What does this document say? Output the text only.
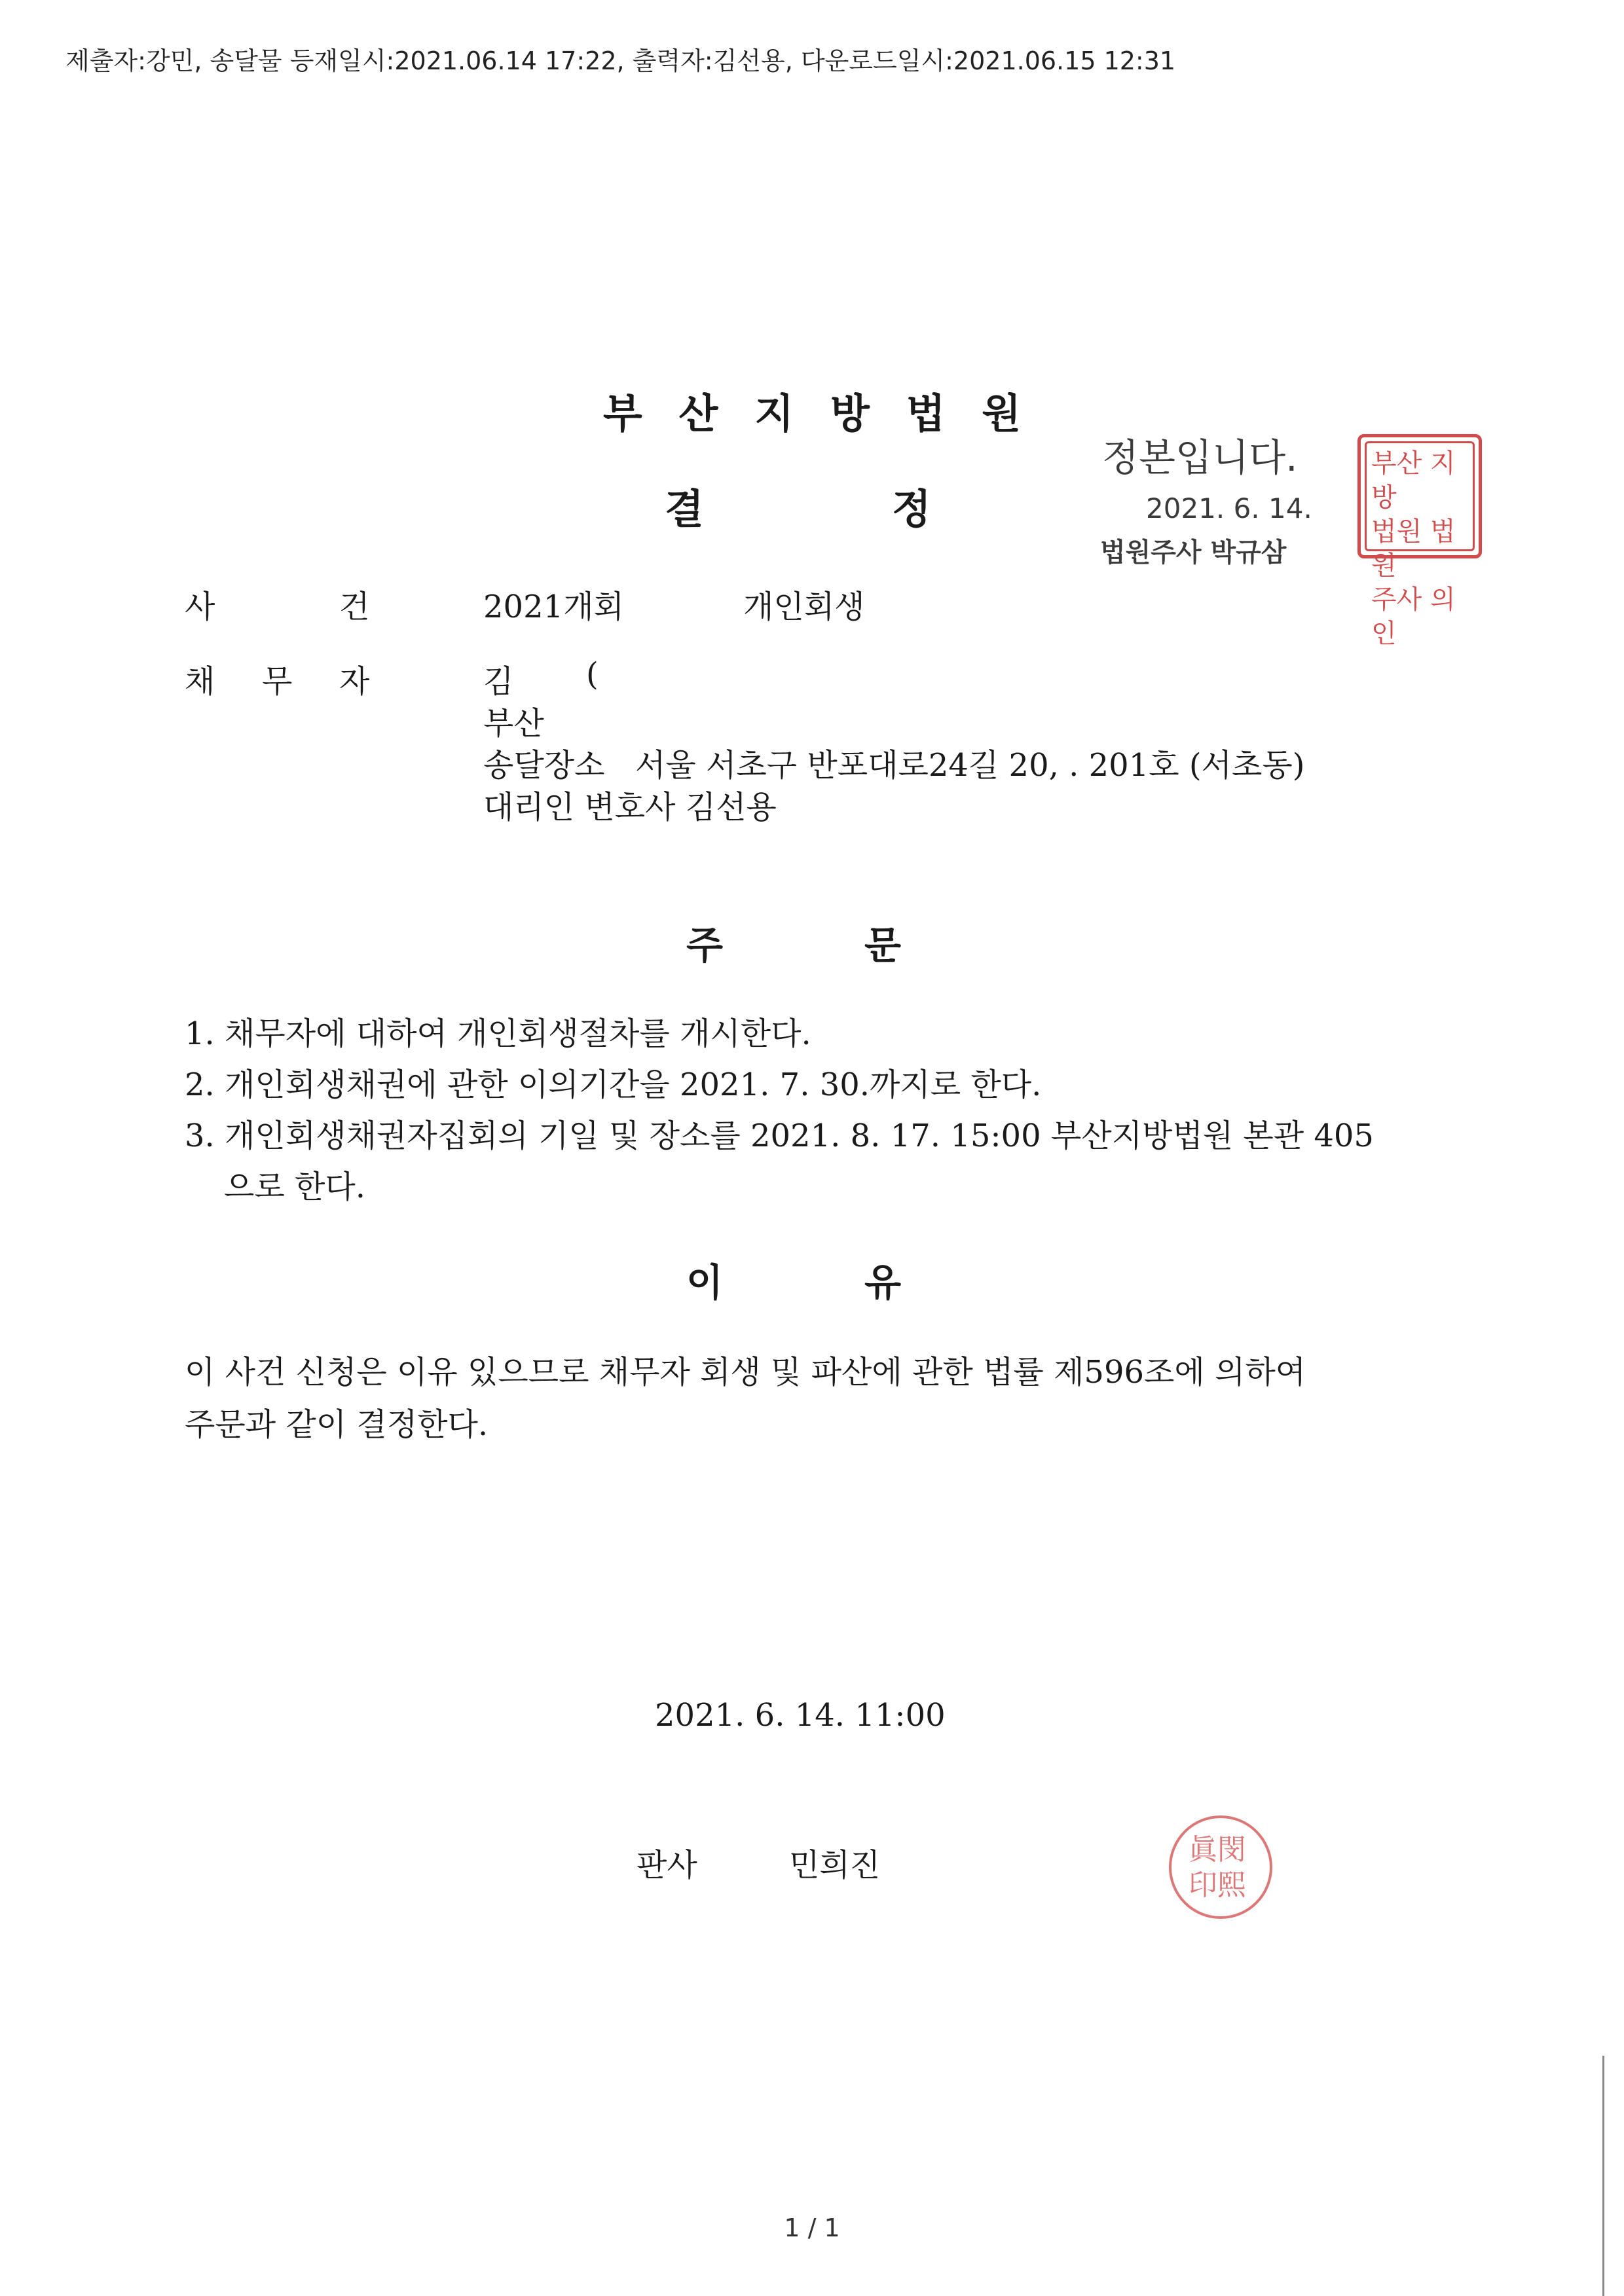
제출자:강민, 송달물 등재일시:2021.06.14 17:22, 출력자:김선용, 다운로드일시:2021.06.15 12:31
부산지방법원
결	정
정본입니다.
2021. 6. 14.
법원주사 박규삼
부산 지방
법원 법원
주사 의인
사	건	2021개회	개인회생
채 무 자	김 (
부산
송달장소 서울 서초구 반포대로24길 20, . 201호 (서초동)
대리인 변호사 김선용
주	문
1. 채무자에 대하여 개인회생절차를 개시한다.
2. 개인회생채권에 관한 이의기간을 2021. 7. 30.까지로 한다.
3. 개인회생채권자집회의 기일 및 장소를 2021. 8. 17. 15:00 부산지방법원 본관 405
으로 한다.
이	유
이 사건 신청은 이유 있으므로 채무자 회생 및 파산에 관한 법률 제596조에 의하여
주문과 같이 결정한다.
2021. 6. 14. 11:00
판사	민희진	眞閔
印熙
1 / 1
